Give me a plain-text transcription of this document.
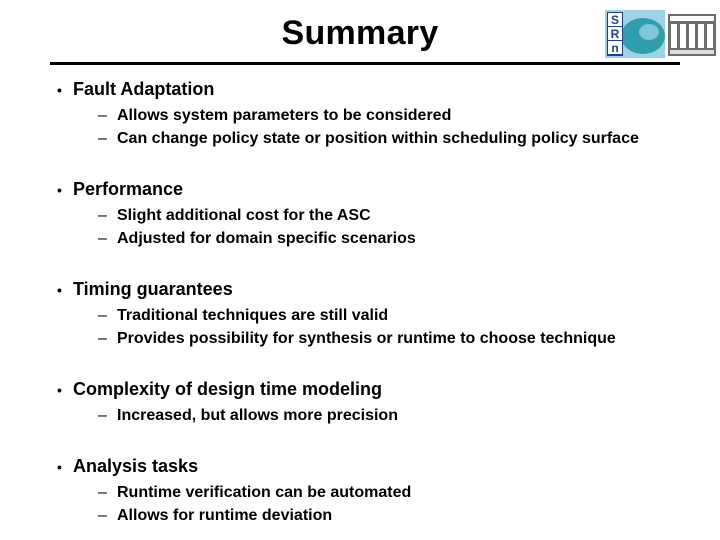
Summary	S
R
n
• Fault Adaptation
– Allows system parameters to be considered
– Can change policy state or position within scheduling policy surface
• Performance
– Slight additional cost for the ASC
– Adjusted for domain specific scenarios
• Timing guarantees
– Traditional techniques are still valid
– Provides possibility for synthesis or runtime to choose technique
• Complexity of design time modeling
– Increased, but allows more precision
• Analysis tasks
– Runtime verification can be automated
– Allows for runtime deviation
